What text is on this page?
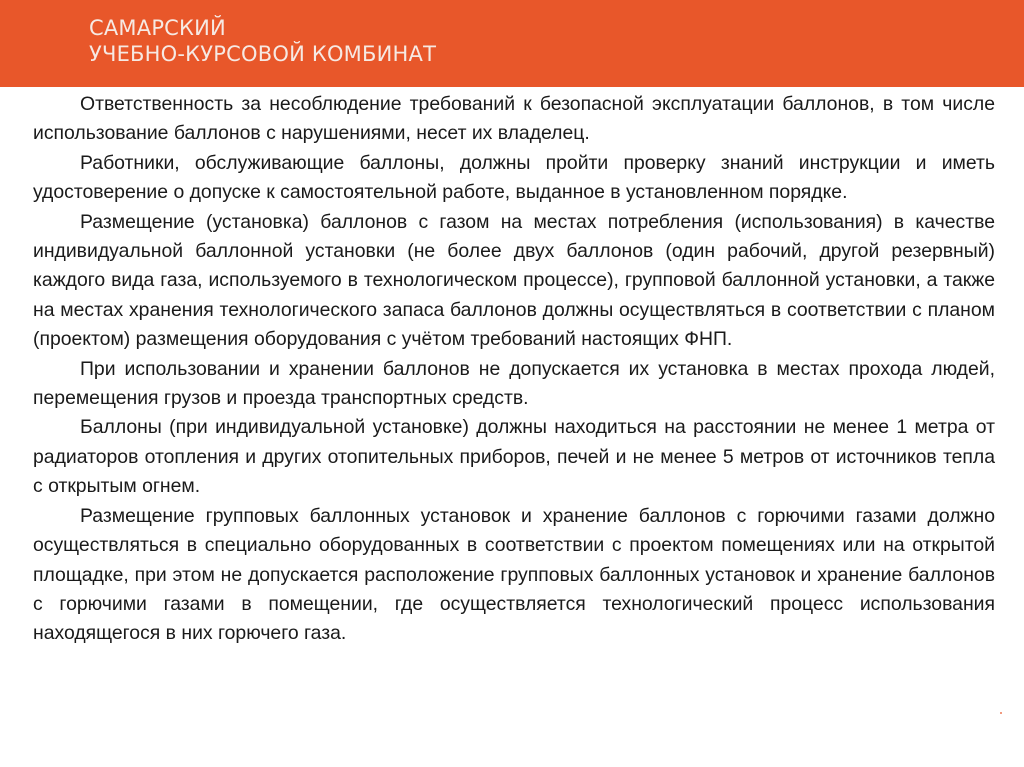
САМАРСКИЙ
УЧЕБНО-КУРСОВОЙ КОМБИНАТ

Ответственность за несоблюдение требований к безопасной эксплуатации баллонов, в том числе использование баллонов с нарушениями, несет их владелец.

Работники, обслуживающие баллоны, должны пройти проверку знаний инструкции и иметь удостоверение о допуске к самостоятельной работе, выданное в установленном порядке.

Размещение (установка) баллонов с газом на местах потребления (использования) в качестве индивидуальной баллонной установки (не более двух баллонов (один рабочий, другой резервный) каждого вида газа, используемого в технологическом процессе), групповой баллонной установки, а также на местах хранения технологического запаса баллонов должны осуществляться в соответствии с планом (проектом) размещения оборудования с учётом требований настоящих ФНП.

При использовании и хранении баллонов не допускается их установка в местах прохода людей, перемещения грузов и проезда транспортных средств.

Баллоны (при индивидуальной установке) должны находиться на расстоянии не менее 1 метра от радиаторов отопления и других отопительных приборов, печей и не менее 5 метров от источников тепла с открытым огнем.

Размещение групповых баллонных установок и хранение баллонов с горючими газами должно осуществляться в специально оборудованных в соответствии с проектом помещениях или на открытой площадке, при этом не допускается расположение групповых баллонных установок и хранение баллонов с горючими газами в помещении, где осуществляется технологический процесс использования находящегося в них горючего газа.
